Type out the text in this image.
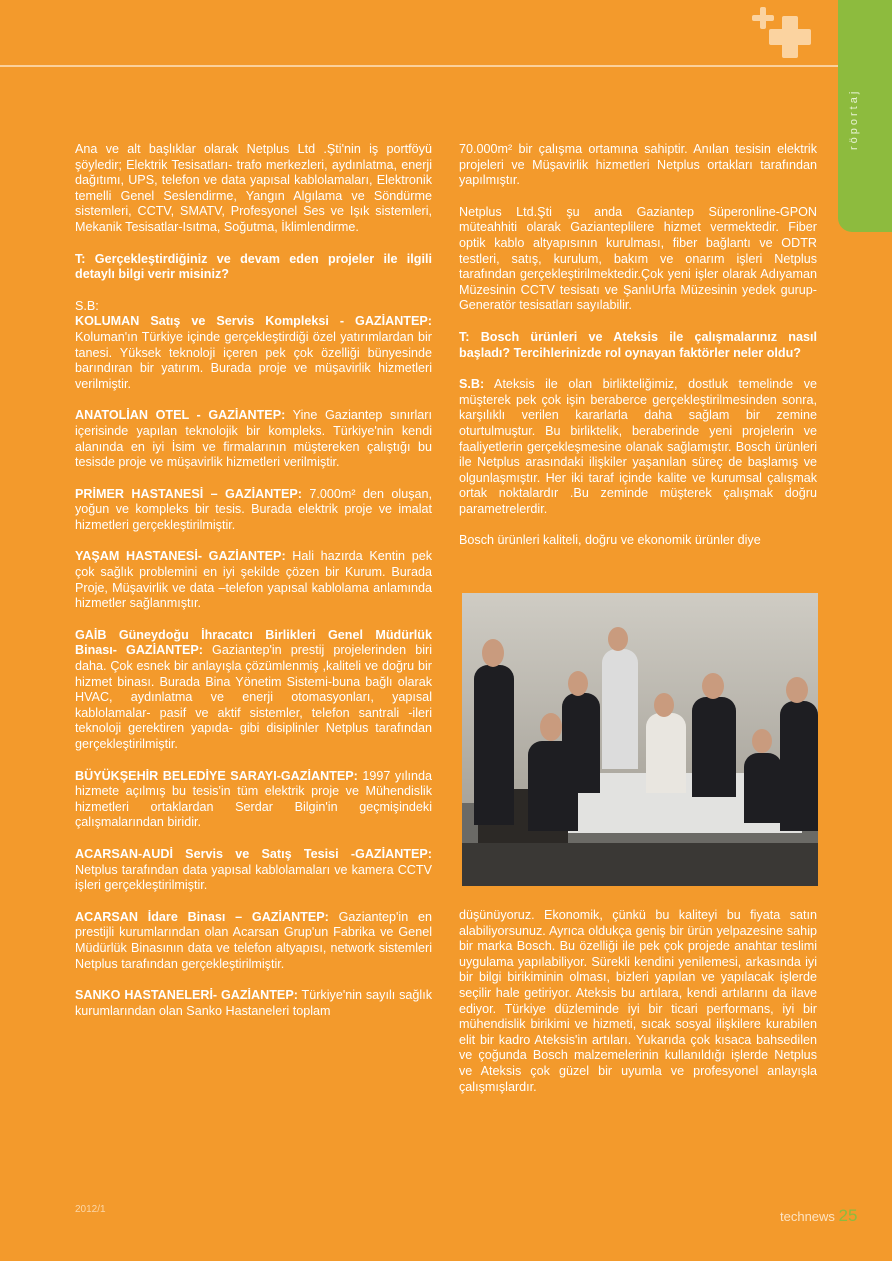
röportaj

Ana ve alt başlıklar olarak Netplus Ltd .Şti'nin iş portföyü şöyledir; Elektrik Tesisatları- trafo merkezleri, aydınlatma, enerji dağıtımı, UPS, telefon ve data yapısal kablolamaları, Elektronik temelli Genel Seslendirme, Yangın Algılama ve Söndürme sistemleri, CCTV, SMATV, Profesyonel Ses ve Işık sistemleri, Mekanik Tesisatlar-Isıtma, Soğutma, İklimlendirme.

T: Gerçekleştirdiğiniz ve devam eden projeler ile ilgili detaylı bilgi verir misiniz?

S.B:

KOLUMAN Satış ve Servis Kompleksi - GAZİANTEP: Koluman'ın Türkiye içinde gerçekleştirdiği özel yatırımlardan bir tanesi. Yüksek teknoloji içeren pek çok özelliği bünyesinde barındıran bir yatırım. Burada proje ve müşavirlik hizmetleri verilmiştir.

ANATOLİAN OTEL - GAZİANTEP: Yine Gaziantep sınırları içerisinde yapılan teknolojik bir kompleks. Türkiye'nin kendi alanında en iyi İsim ve firmalarının müştereken çalıştığı bu tesisde proje ve müşavirlik hizmetleri verilmiştir.

PRİMER HASTANESİ – GAZİANTEP: 7.000m² den oluşan, yoğun ve kompleks bir tesis. Burada elektrik proje ve imalat hizmetleri gerçekleştirilmiştir.

YAŞAM HASTANESİ- GAZİANTEP: Hali hazırda Kentin pek çok sağlık problemini en iyi şekilde çözen bir Kurum. Burada Proje, Müşavirlik ve data –telefon yapısal kablolama anlamında hizmetler sağlanmıştır.

GAİB Güneydoğu İhracatcı Birlikleri Genel Müdürlük Binası- GAZİANTEP: Gaziantep'in prestij projelerinden biri daha. Çok esnek bir anlayışla çözümlenmiş ,kaliteli ve doğru bir hizmet binası. Burada Bina Yönetim Sistemi-buna bağlı olarak HVAC, aydınlatma ve enerji otomasyonları, yapısal kablolamalar- pasif ve aktif sistemler, telefon santrali -ileri teknoloji gerektiren yapıda- gibi disiplinler Netplus tarafından gerçekleştirilmiştir.

BÜYÜKŞEHİR BELEDİYE SARAYI-GAZİANTEP: 1997 yılında hizmete açılmış bu tesis'in tüm elektrik proje ve Mühendislik hizmetleri ortaklardan Serdar Bilgin'in geçmişindeki çalışmalarından biridir.

ACARSAN-AUDİ Servis ve Satış Tesisi -GAZİANTEP: Netplus tarafından data yapısal kablolamaları ve kamera CCTV işleri gerçekleştirilmiştir.

ACARSAN İdare Binası – GAZİANTEP: Gaziantep'in en prestijli kurumlarından olan Acarsan Grup'un Fabrika ve Genel Müdürlük Binasının data ve telefon altyapısı, network sistemleri Netplus tarafından gerçekleştirilmiştir.

SANKO HASTANELERİ- GAZİANTEP: Türkiye'nin sayılı sağlık kurumlarından olan Sanko Hastaneleri toplam

70.000m² bir çalışma ortamına sahiptir. Anılan tesisin elektrik projeleri ve Müşavirlik hizmetleri Netplus ortakları tarafından yapılmıştır.

Netplus Ltd.Şti şu anda Gaziantep Süperonline-GPON müteahhiti olarak Gazianteplilere hizmet vermektedir. Fiber optik kablo altyapısının kurulması, fiber bağlantı ve ODTR testleri, satış, kurulum, bakım ve onarım işleri Netplus tarafından gerçekleştirilmektedir.Çok yeni işler olarak Adıyaman Müzesinin CCTV tesisatı ve ŞanlıUrfa Müzesinin yedek gurup- Generatör tesisatları sayılabilir.

T: Bosch ürünleri ve Ateksis ile çalışmalarınız nasıl başladı? Tercihlerinizde rol oynayan faktörler neler oldu?

S.B: Ateksis ile olan birlikteliğimiz, dostluk temelinde ve müşterek pek çok işin beraberce gerçekleştirilmesinden sonra, karşılıklı verilen kararlarla daha sağlam bir zemine oturtulmuştur. Bu birliktelik, beraberinde yeni projelerin ve faaliyetlerin gerçekleşmesine olanak sağlamıştır. Bosch ürünleri ile Netplus arasındaki ilişkiler yaşanılan süreç de başlamış ve olgunlaşmıştır. Her iki taraf içinde kalite ve kurumsal çalışmak ortak noktalardır .Bu zeminde müşterek çalışmak doğru parametrelerdir.

Bosch ürünleri kaliteli, doğru ve ekonomik ürünler diye

düşünüyoruz. Ekonomik, çünkü bu kaliteyi bu fiyata satın alabiliyorsunuz. Ayrıca oldukça geniş bir ürün yelpazesine sahip bir marka Bosch. Bu özelliği ile pek çok projede anahtar teslimi uygulama yapılabiliyor. Sürekli kendini yenilemesi, arkasında iyi bir bilgi birikiminin olması, bizleri yapılan ve yapılacak işlerde seçilir hale getiriyor. Ateksis bu artılara, kendi artılarını da ilave ediyor. Türkiye düzleminde iyi bir ticari performans, iyi bir mühendislik birikimi ve hizmeti, sıcak sosyal ilişkilere kurabilen elit bir kadro Ateksis'in artıları. Yukarıda çok kısaca bahsedilen ve çoğunda Bosch malzemelerinin kullanıldığı işlerde Netplus ve Ateksis çok güzel bir uyumla ve profesyonel anlayışla çalışmışlardır.

2012/1	technews 25
